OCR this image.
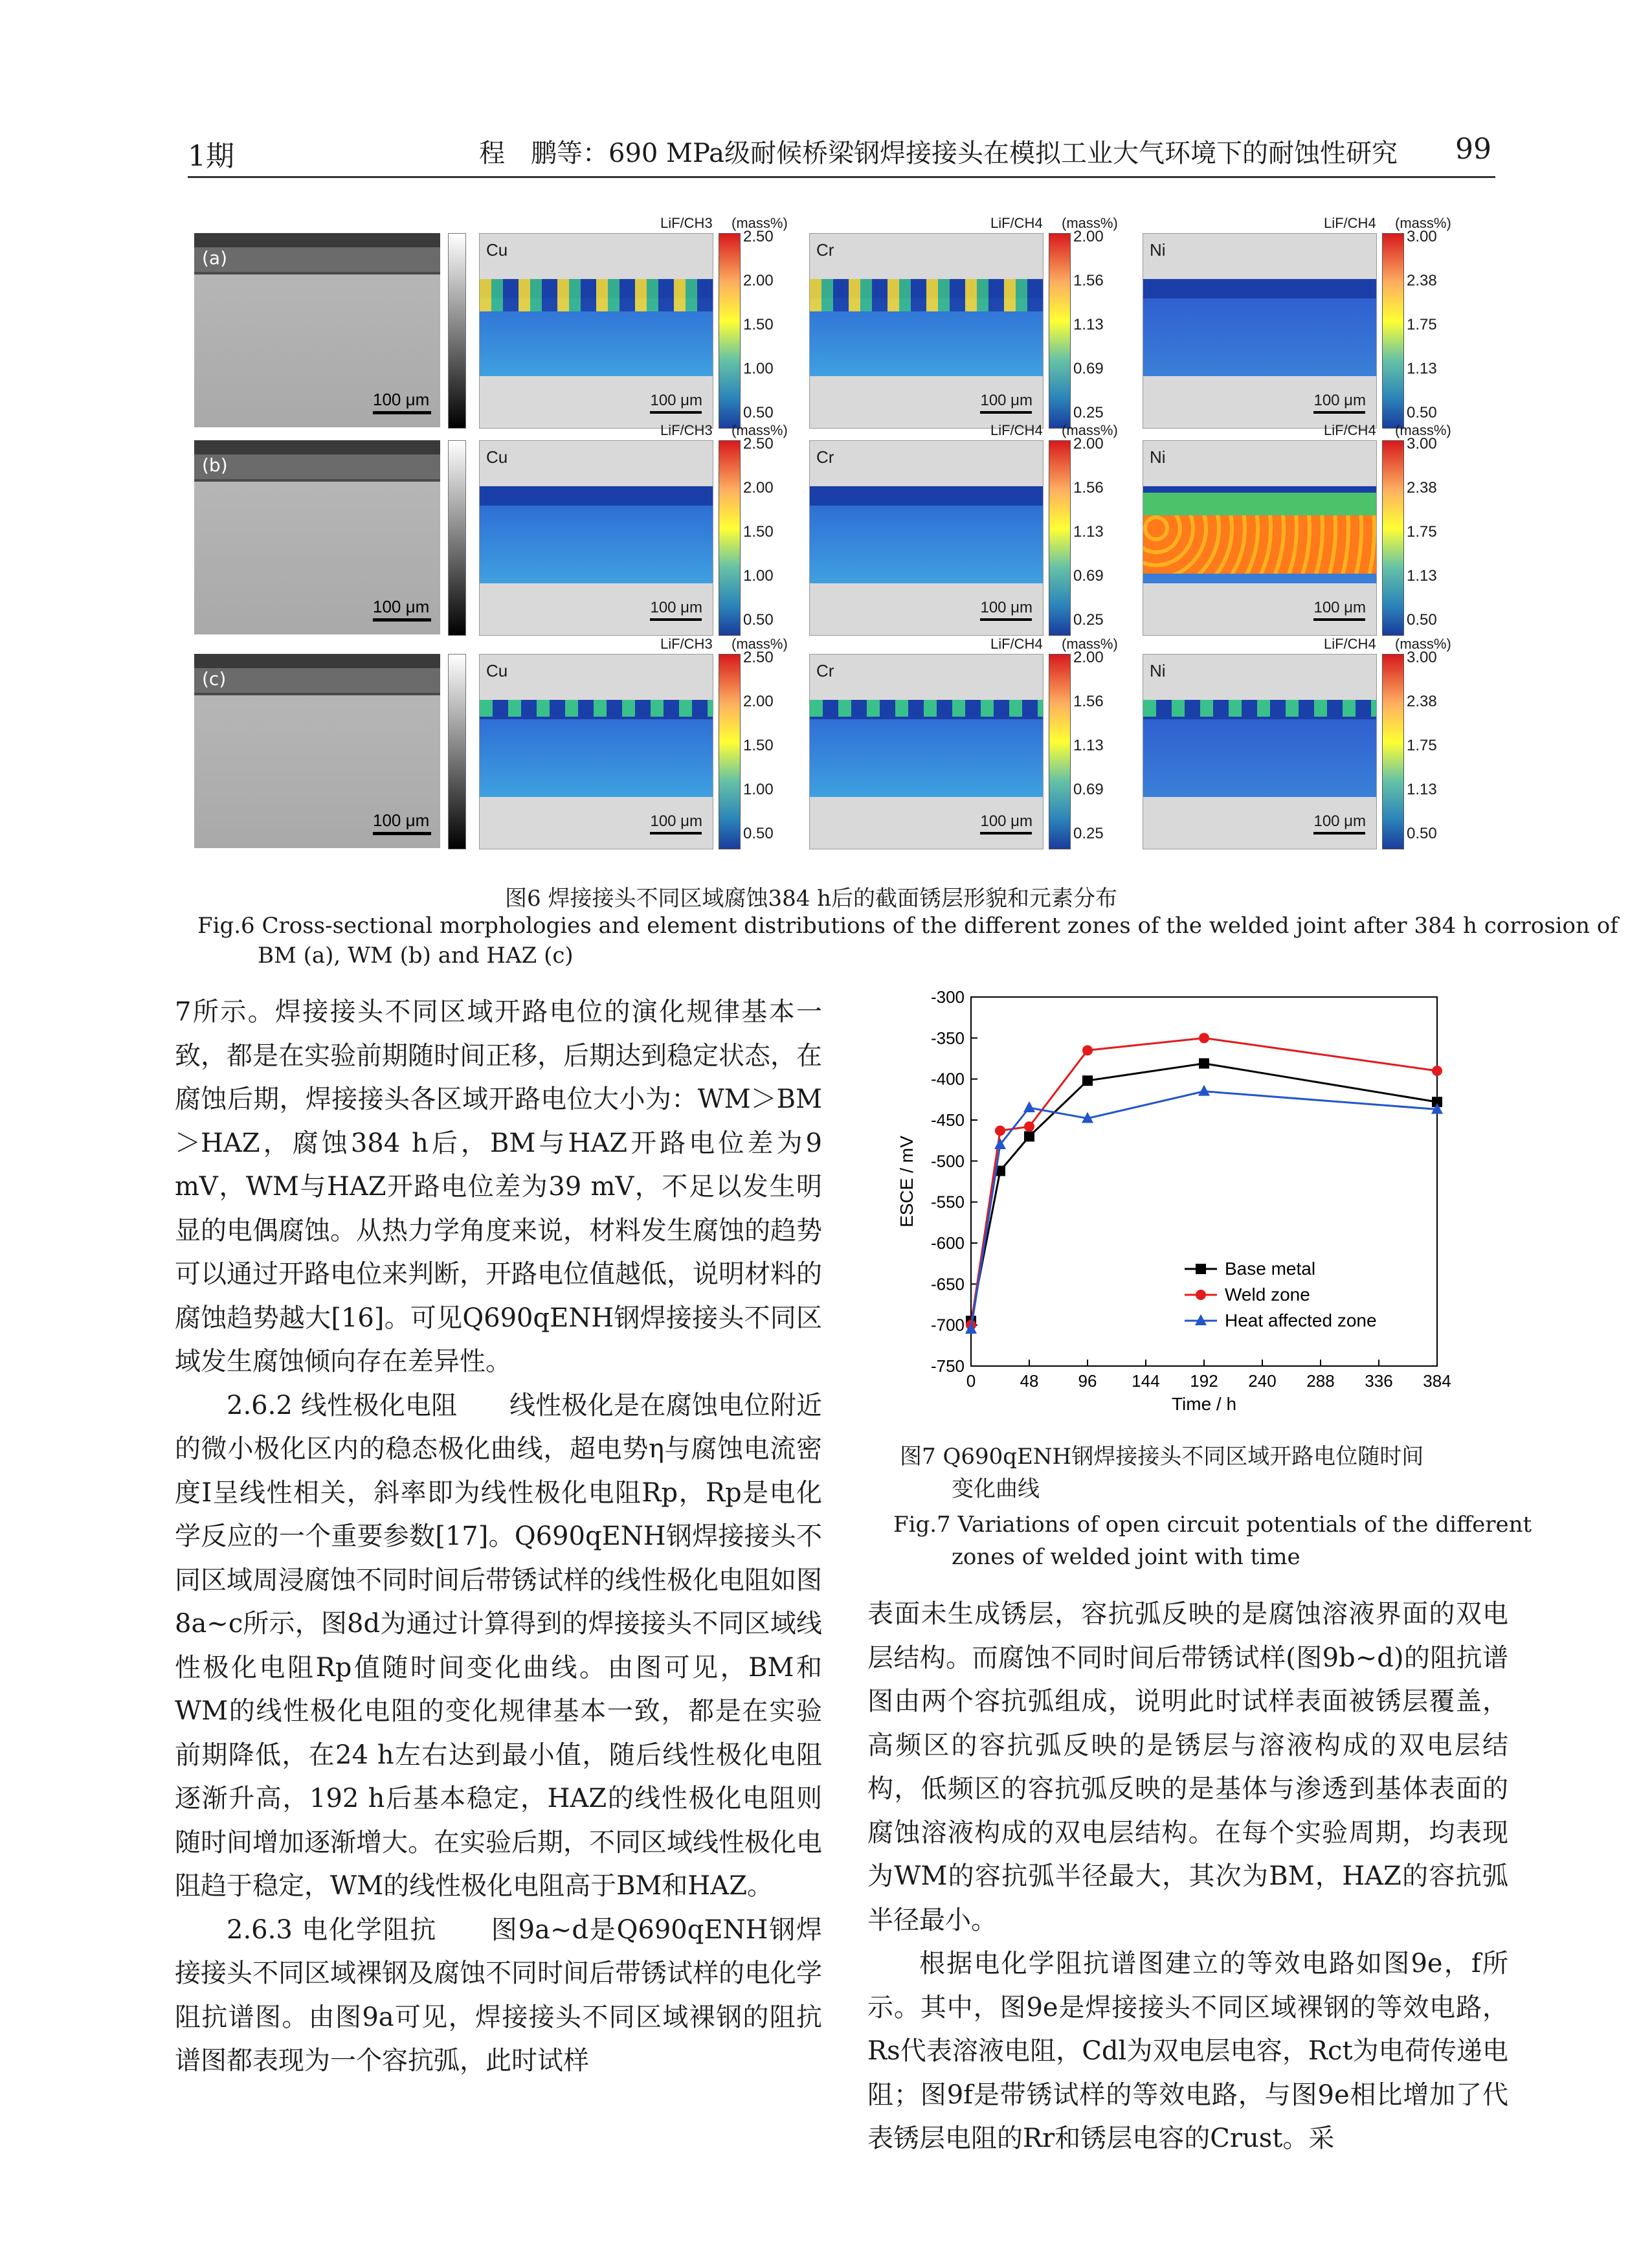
1期	程　鹏等：690 MPa级耐候桥梁钢焊接接头在模拟工业大气环境下的耐蚀性研究 99
(a)
100 μm
Cu
100 μm
LiF/CH3 (mass%)
2.50
2.00
1.50
1.00
0.50
Cr
100 μm
LiF/CH4 (mass%)
2.00
1.56
1.13
0.69
0.25
Ni
100 μm
LiF/CH4 (mass%)
3.00
2.38
1.75
1.13
0.50
(b)
100 μm
Cu
100 μm
LiF/CH3 (mass%)
2.50
2.00
1.50
1.00
0.50
Cr
100 μm
LiF/CH4 (mass%)
2.00
1.56
1.13
0.69
0.25
Ni
100 μm
LiF/CH4 (mass%)
3.00
2.38
1.75
1.13
0.50
(c)
100 μm
Cu
100 μm
LiF/CH3 (mass%)
2.50
2.00
1.50
1.00
0.50
Cr
100 μm
LiF/CH4 (mass%)
2.00
1.56
1.13
0.69
0.25
Ni
100 μm
LiF/CH4 (mass%)
3.00
2.38
1.75
1.13
0.50
图6 焊接接头不同区域腐蚀384 h后的截面锈层形貌和元素分布
Fig.6 Cross-sectional morphologies and element distributions of the different zones of the welded joint after 384 h corrosion of
BM (a), WM (b) and HAZ (c)

7所示。焊接接头不同区域开路电位的演化规律基本一致，都是在实验前期随时间正移，后期达到稳定状态，在腐蚀后期，焊接接头各区域开路电位大小为：WM＞BM＞HAZ，腐蚀384 h后，BM与HAZ开路电位差为9 mV，WM与HAZ开路电位差为39 mV，不足以发生明显的电偶腐蚀。从热力学角度来说，材料发生腐蚀的趋势可以通过开路电位来判断，开路电位值越低，说明材料的腐蚀趋势越大[16]。可见Q690qENH钢焊接接头不同区域发生腐蚀倾向存在差异性。

2.6.2 线性极化电阻　　线性极化是在腐蚀电位附近的微小极化区内的稳态极化曲线，超电势η与腐蚀电流密度I呈线性相关，斜率即为线性极化电阻Rp，Rp是电化学反应的一个重要参数[17]。Q690qENH钢焊接接头不同区域周浸腐蚀不同时间后带锈试样的线性极化电阻如图8a~c所示，图8d为通过计算得到的焊接接头不同区域线性极化电阻Rp值随时间变化曲线。由图可见，BM和WM的线性极化电阻的变化规律基本一致，都是在实验前期降低，在24 h左右达到最小值，随后线性极化电阻逐渐升高，192 h后基本稳定，HAZ的线性极化电阻则随时间增加逐渐增大。在实验后期，不同区域线性极化电阻趋于稳定，WM的线性极化电阻高于BM和HAZ。

2.6.3 电化学阻抗　　图9a~d是Q690qENH钢焊接接头不同区域裸钢及腐蚀不同时间后带锈试样的电化学阻抗谱图。由图9a可见，焊接接头不同区域裸钢的阻抗谱图都表现为一个容抗弧，此时试样

-300
-350
-400
-450
-500
-550
-600
-650
-700
-750
0	48 96 144 192 240 288 336 384
Time / h
ESCE / mV
Base metal
Weld zone
Heat affected zone
图7 Q690qENH钢焊接接头不同区域开路电位随时间
变化曲线
Fig.7 Variations of open circuit potentials of the different
zones of welded joint with time

表面未生成锈层，容抗弧反映的是腐蚀溶液界面的双电层结构。而腐蚀不同时间后带锈试样(图9b~d)的阻抗谱图由两个容抗弧组成，说明此时试样表面被锈层覆盖，高频区的容抗弧反映的是锈层与溶液构成的双电层结构，低频区的容抗弧反映的是基体与渗透到基体表面的腐蚀溶液构成的双电层结构。在每个实验周期，均表现为WM的容抗弧半径最大，其次为BM，HAZ的容抗弧半径最小。

根据电化学阻抗谱图建立的等效电路如图9e，f所示。其中，图9e是焊接接头不同区域裸钢的等效电路，Rs代表溶液电阻，Cdl为双电层电容，Rct为电荷传递电阻；图9f是带锈试样的等效电路，与图9e相比增加了代表锈层电阻的Rr和锈层电容的Crust。采
